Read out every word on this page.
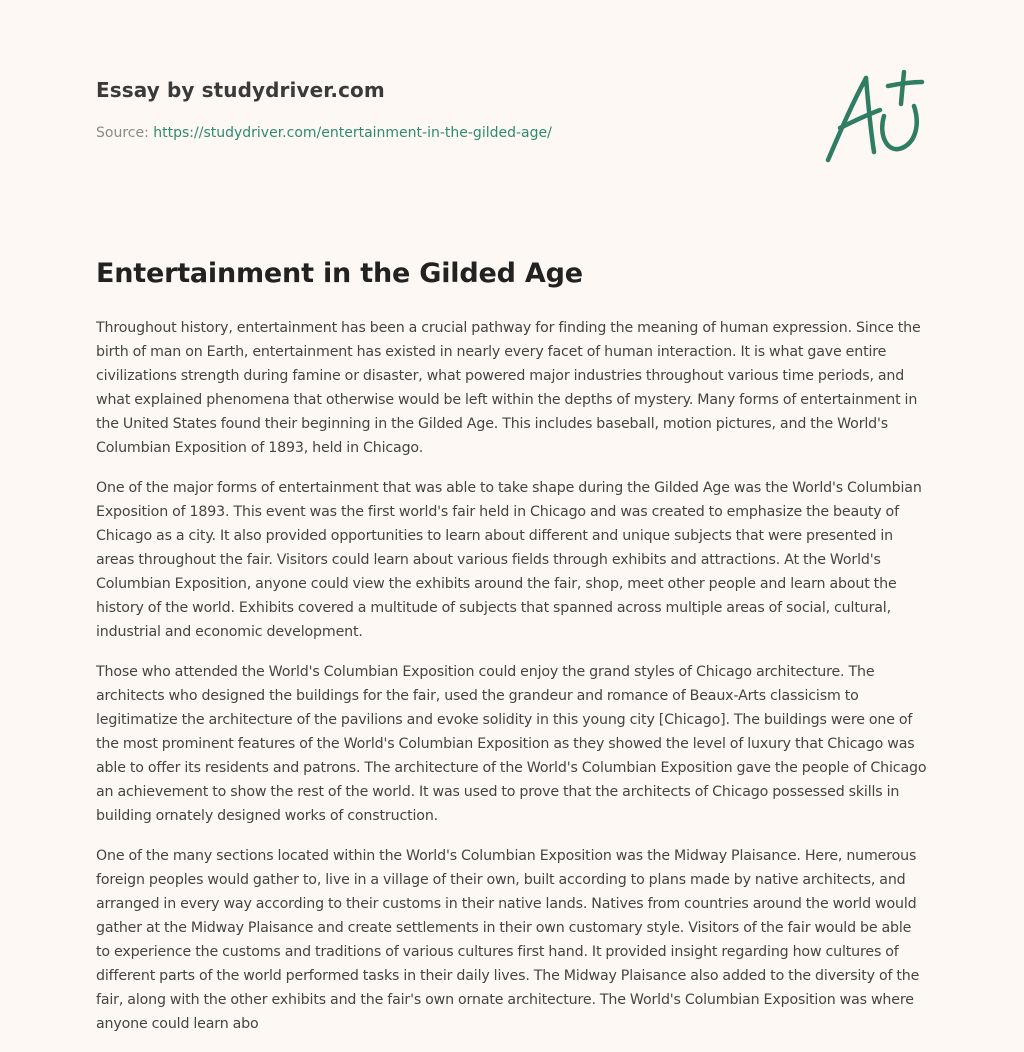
Essay by studydriver.com
Source: https://studydriver.com/entertainment-in-the-gilded-age/
Entertainment in the Gilded Age

Throughout history, entertainment has been a crucial pathway for finding the meaning of human expression. Since the birth of man on Earth, entertainment has existed in nearly every facet of human interaction. It is what gave entire civilizations strength during famine or disaster, what powered major industries throughout various time periods, and what explained phenomena that otherwise would be left within the depths of mystery. Many forms of entertainment in the United States found their beginning in the Gilded Age. This includes baseball, motion pictures, and the World's Columbian Exposition of 1893, held in Chicago.

One of the major forms of entertainment that was able to take shape during the Gilded Age was the World's Columbian Exposition of 1893. This event was the first world's fair held in Chicago and was created to emphasize the beauty of Chicago as a city. It also provided opportunities to learn about different and unique subjects that were presented in areas throughout the fair. Visitors could learn about various fields through exhibits and attractions. At the World's Columbian Exposition, anyone could view the exhibits around the fair, shop, meet other people and learn about the history of the world. Exhibits covered a multitude of subjects that spanned across multiple areas of social, cultural, industrial and economic development.

Those who attended the World's Columbian Exposition could enjoy the grand styles of Chicago architecture. The architects who designed the buildings for the fair, used the grandeur and romance of Beaux-Arts classicism to legitimatize the architecture of the pavilions and evoke solidity in this young city [Chicago]. The buildings were one of the most prominent features of the World's Columbian Exposition as they showed the level of luxury that Chicago was able to offer its residents and patrons. The architecture of the World's Columbian Exposition gave the people of Chicago an achievement to show the rest of the world. It was used to prove that the architects of Chicago possessed skills in building ornately designed works of construction.

One of the many sections located within the World's Columbian Exposition was the Midway Plaisance. Here, numerous foreign peoples would gather to, live in a village of their own, built according to plans made by native architects, and arranged in every way according to their customs in their native lands. Natives from countries around the world would gather at the Midway Plaisance and create settlements in their own customary style. Visitors of the fair would be able to experience the customs and traditions of various cultures first hand. It provided insight regarding how cultures of different parts of the world performed tasks in their daily lives. The Midway Plaisance also added to the diversity of the fair, along with the other exhibits and the fair's own ornate architecture. The World's Columbian Exposition was where anyone could learn abo
